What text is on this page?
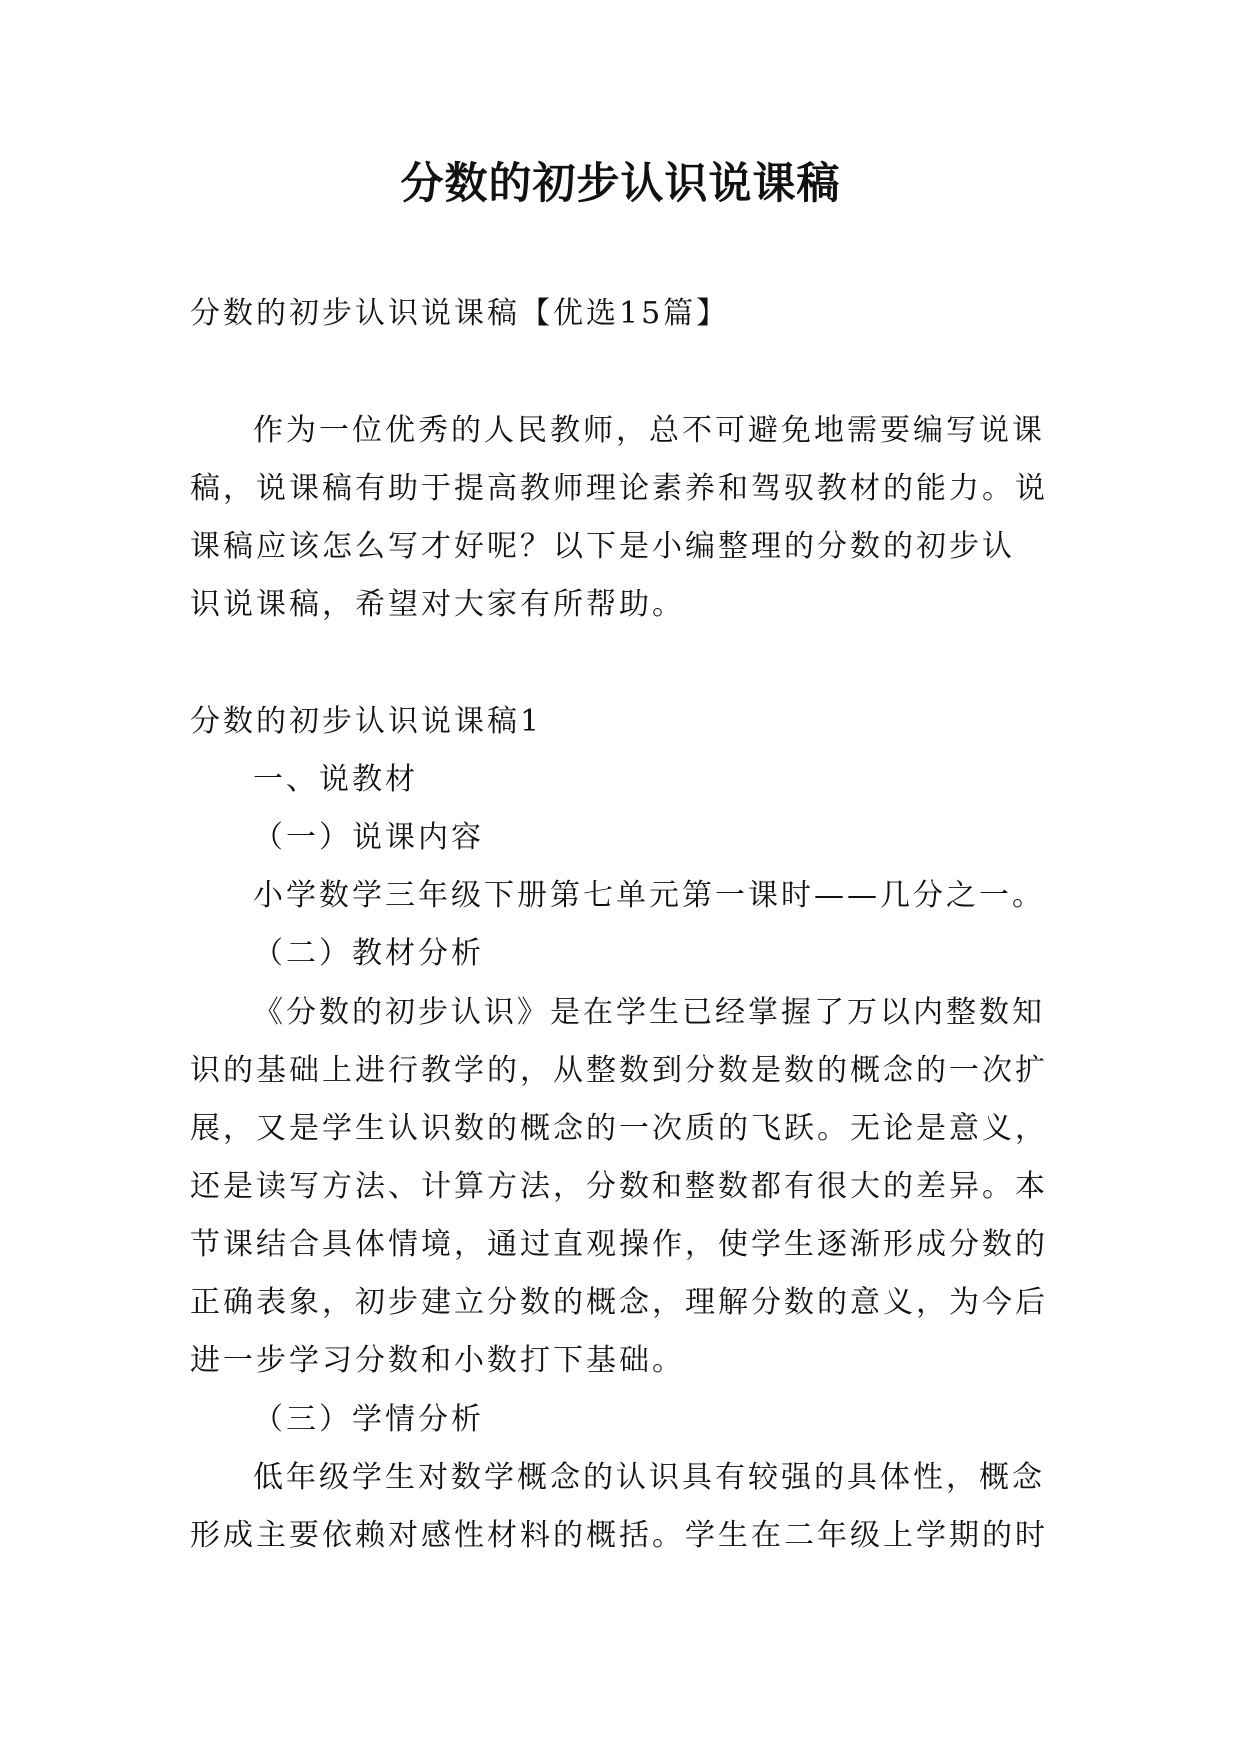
分数的初步认识说课稿
分数的初步认识说课稿【优选15篇】
作为一位优秀的人民教师，总不可避免地需要编写说课
稿，说课稿有助于提高教师理论素养和驾驭教材的能力。说
课稿应该怎么写才好呢？以下是小编整理的分数的初步认
识说课稿，希望对大家有所帮助。
分数的初步认识说课稿1
一、说教材
（一）说课内容
小学数学三年级下册第七单元第一课时——几分之一。
（二）教材分析
《分数的初步认识》是在学生已经掌握了万以内整数知
识的基础上进行教学的，从整数到分数是数的概念的一次扩
展，又是学生认识数的概念的一次质的飞跃。无论是意义，
还是读写方法、计算方法，分数和整数都有很大的差异。本
节课结合具体情境，通过直观操作，使学生逐渐形成分数的
正确表象，初步建立分数的概念，理解分数的意义，为今后
进一步学习分数和小数打下基础。
（三）学情分析
低年级学生对数学概念的认识具有较强的具体性，概念
形成主要依赖对感性材料的概括。学生在二年级上学期的时
